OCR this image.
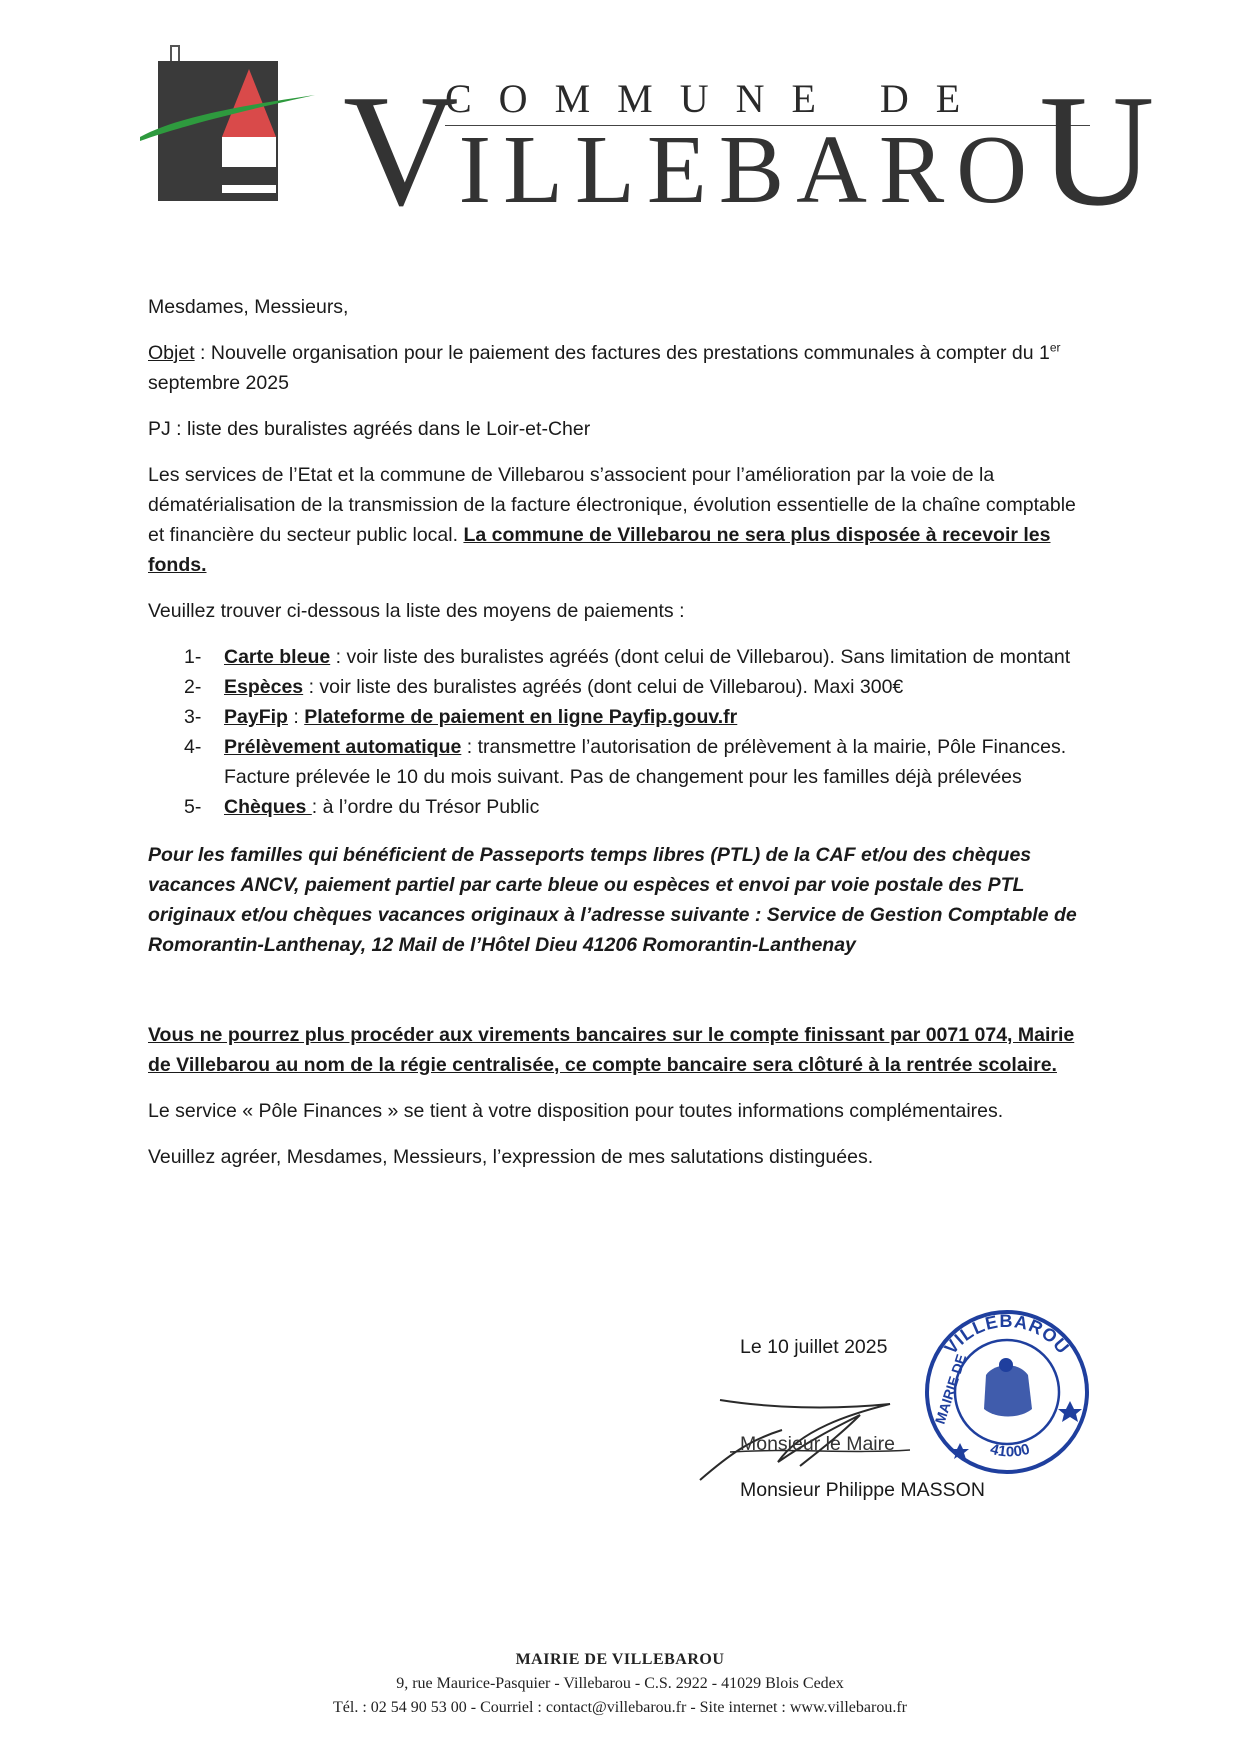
COMMUNE DE
VILLEBAROU

Mesdames, Messieurs,

Objet : Nouvelle organisation pour le paiement des factures des prestations communales à compter du 1er septembre 2025

PJ : liste des buralistes agréés dans le Loir-et-Cher

Les services de l’Etat et la commune de Villebarou s’associent pour l’amélioration par la voie de la dématérialisation de la transmission de la facture électronique, évolution essentielle de la chaîne comptable et financière du secteur public local. La commune de Villebarou ne sera plus disposée à recevoir les fonds.

Veuillez trouver ci-dessous la liste des moyens de paiements :

1- Carte bleue : voir liste des buralistes agréés (dont celui de Villebarou). Sans limitation de montant
2- Espèces : voir liste des buralistes agréés (dont celui de Villebarou). Maxi 300€
3- PayFip : Plateforme de paiement en ligne Payfip.gouv.fr
4- Prélèvement automatique : transmettre l’autorisation de prélèvement à la mairie, Pôle Finances. Facture prélevée le 10 du mois suivant. Pas de changement pour les familles déjà prélevées
5- Chèques : à l’ordre du Trésor Public

Pour les familles qui bénéficient de Passeports temps libres (PTL) de la CAF et/ou des chèques vacances ANCV, paiement partiel par carte bleue ou espèces et envoi par voie postale des PTL originaux et/ou chèques vacances originaux à l’adresse suivante : Service de Gestion Comptable de Romorantin-Lanthenay, 12 Mail de l’Hôtel Dieu 41206 Romorantin-Lanthenay

Vous ne pourrez plus procéder aux virements bancaires sur le compte finissant par 0071 074, Mairie de Villebarou au nom de la régie centralisée, ce compte bancaire sera clôturé à la rentrée scolaire.

Le service « Pôle Finances » se tient à votre disposition pour toutes informations complémentaires.

Veuillez agréer, Mesdames, Messieurs, l’expression de mes salutations distinguées.

Le 10 juillet 2025
Monsieur le Maire
Monsieur Philippe MASSON
VILLEBAROU
MAIRIE DE
41000
MAIRIE DE VILLEBAROU
9, rue Maurice-Pasquier - Villebarou - C.S. 2922 - 41029 Blois Cedex
Tél. : 02 54 90 53 00 - Courriel : contact@villebarou.fr - Site internet : www.villebarou.fr
